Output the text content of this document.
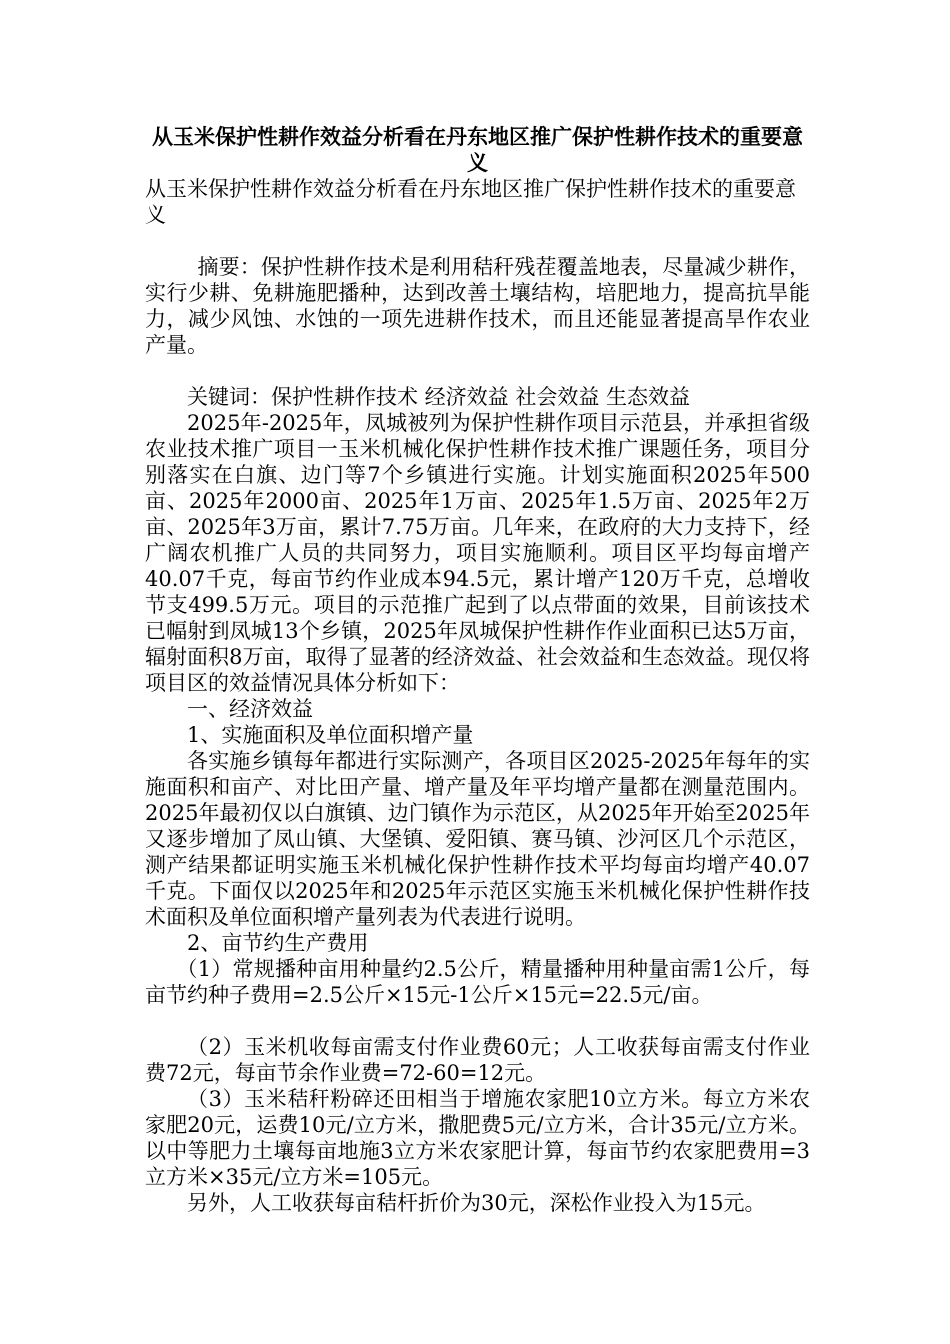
从玉米保护性耕作效益分析看在丹东地区推广保护性耕作技术的重要意义

从玉米保护性耕作效益分析看在丹东地区推广保护性耕作技术的重要意义

摘要：保护性耕作技术是利用秸秆残茬覆盖地表，尽量减少耕作，实行少耕、免耕施肥播种，达到改善土壤结构，培肥地力，提高抗旱能力，减少风蚀、水蚀的一项先进耕作技术，而且还能显著提高旱作农业产量。

关键词：保护性耕作技术 经济效益 社会效益 生态效益

2025年-2025年，凤城被列为保护性耕作项目示范县，并承担省级农业技术推广项目一玉米机械化保护性耕作技术推广课题任务，项目分别落实在白旗、边门等7个乡镇进行实施。计划实施面积2025年500亩、2025年2000亩、2025年1万亩、2025年1.5万亩、2025年2万亩、2025年3万亩，累计7.75万亩。几年来，在政府的大力支持下，经广阔农机推广人员的共同努力，项目实施顺利。项目区平均每亩增产40.07千克，每亩节约作业成本94.5元，累计增产120万千克，总增收节支499.5万元。项目的示范推广起到了以点带面的效果，目前该技术已幅射到凤城13个乡镇，2025年凤城保护性耕作作业面积已达5万亩，辐射面积8万亩，取得了显著的经济效益、社会效益和生态效益。现仅将项目区的效益情况具体分析如下：

一、经济效益

1、实施面积及单位面积增产量

各实施乡镇每年都进行实际测产，各项目区2025-2025年每年的实施面积和亩产、对比田产量、增产量及年平均增产量都在测量范围内。2025年最初仅以白旗镇、边门镇作为示范区，从2025年开始至2025年又逐步增加了凤山镇、大堡镇、爱阳镇、赛马镇、沙河区几个示范区，测产结果都证明实施玉米机械化保护性耕作技术平均每亩均增产40.07千克。下面仅以2025年和2025年示范区实施玉米机械化保护性耕作技术面积及单位面积增产量列表为代表进行说明。

2、亩节约生产费用

（1）常规播种亩用种量约2.5公斤，精量播种用种量亩需1公斤，每亩节约种子费用=2.5公斤×15元-1公斤×15元=22.5元/亩。

（2）玉米机收每亩需支付作业费60元；人工收获每亩需支付作业费72元，每亩节余作业费=72-60=12元。

（3）玉米秸秆粉碎还田相当于增施农家肥10立方米。每立方米农家肥20元，运费10元/立方米，撒肥费5元/立方米，合计35元/立方米。以中等肥力土壤每亩地施3立方米农家肥计算，每亩节约农家肥费用=3立方米×35元/立方米=105元。

另外，人工收获每亩秸杆折价为30元，深松作业投入为15元。
